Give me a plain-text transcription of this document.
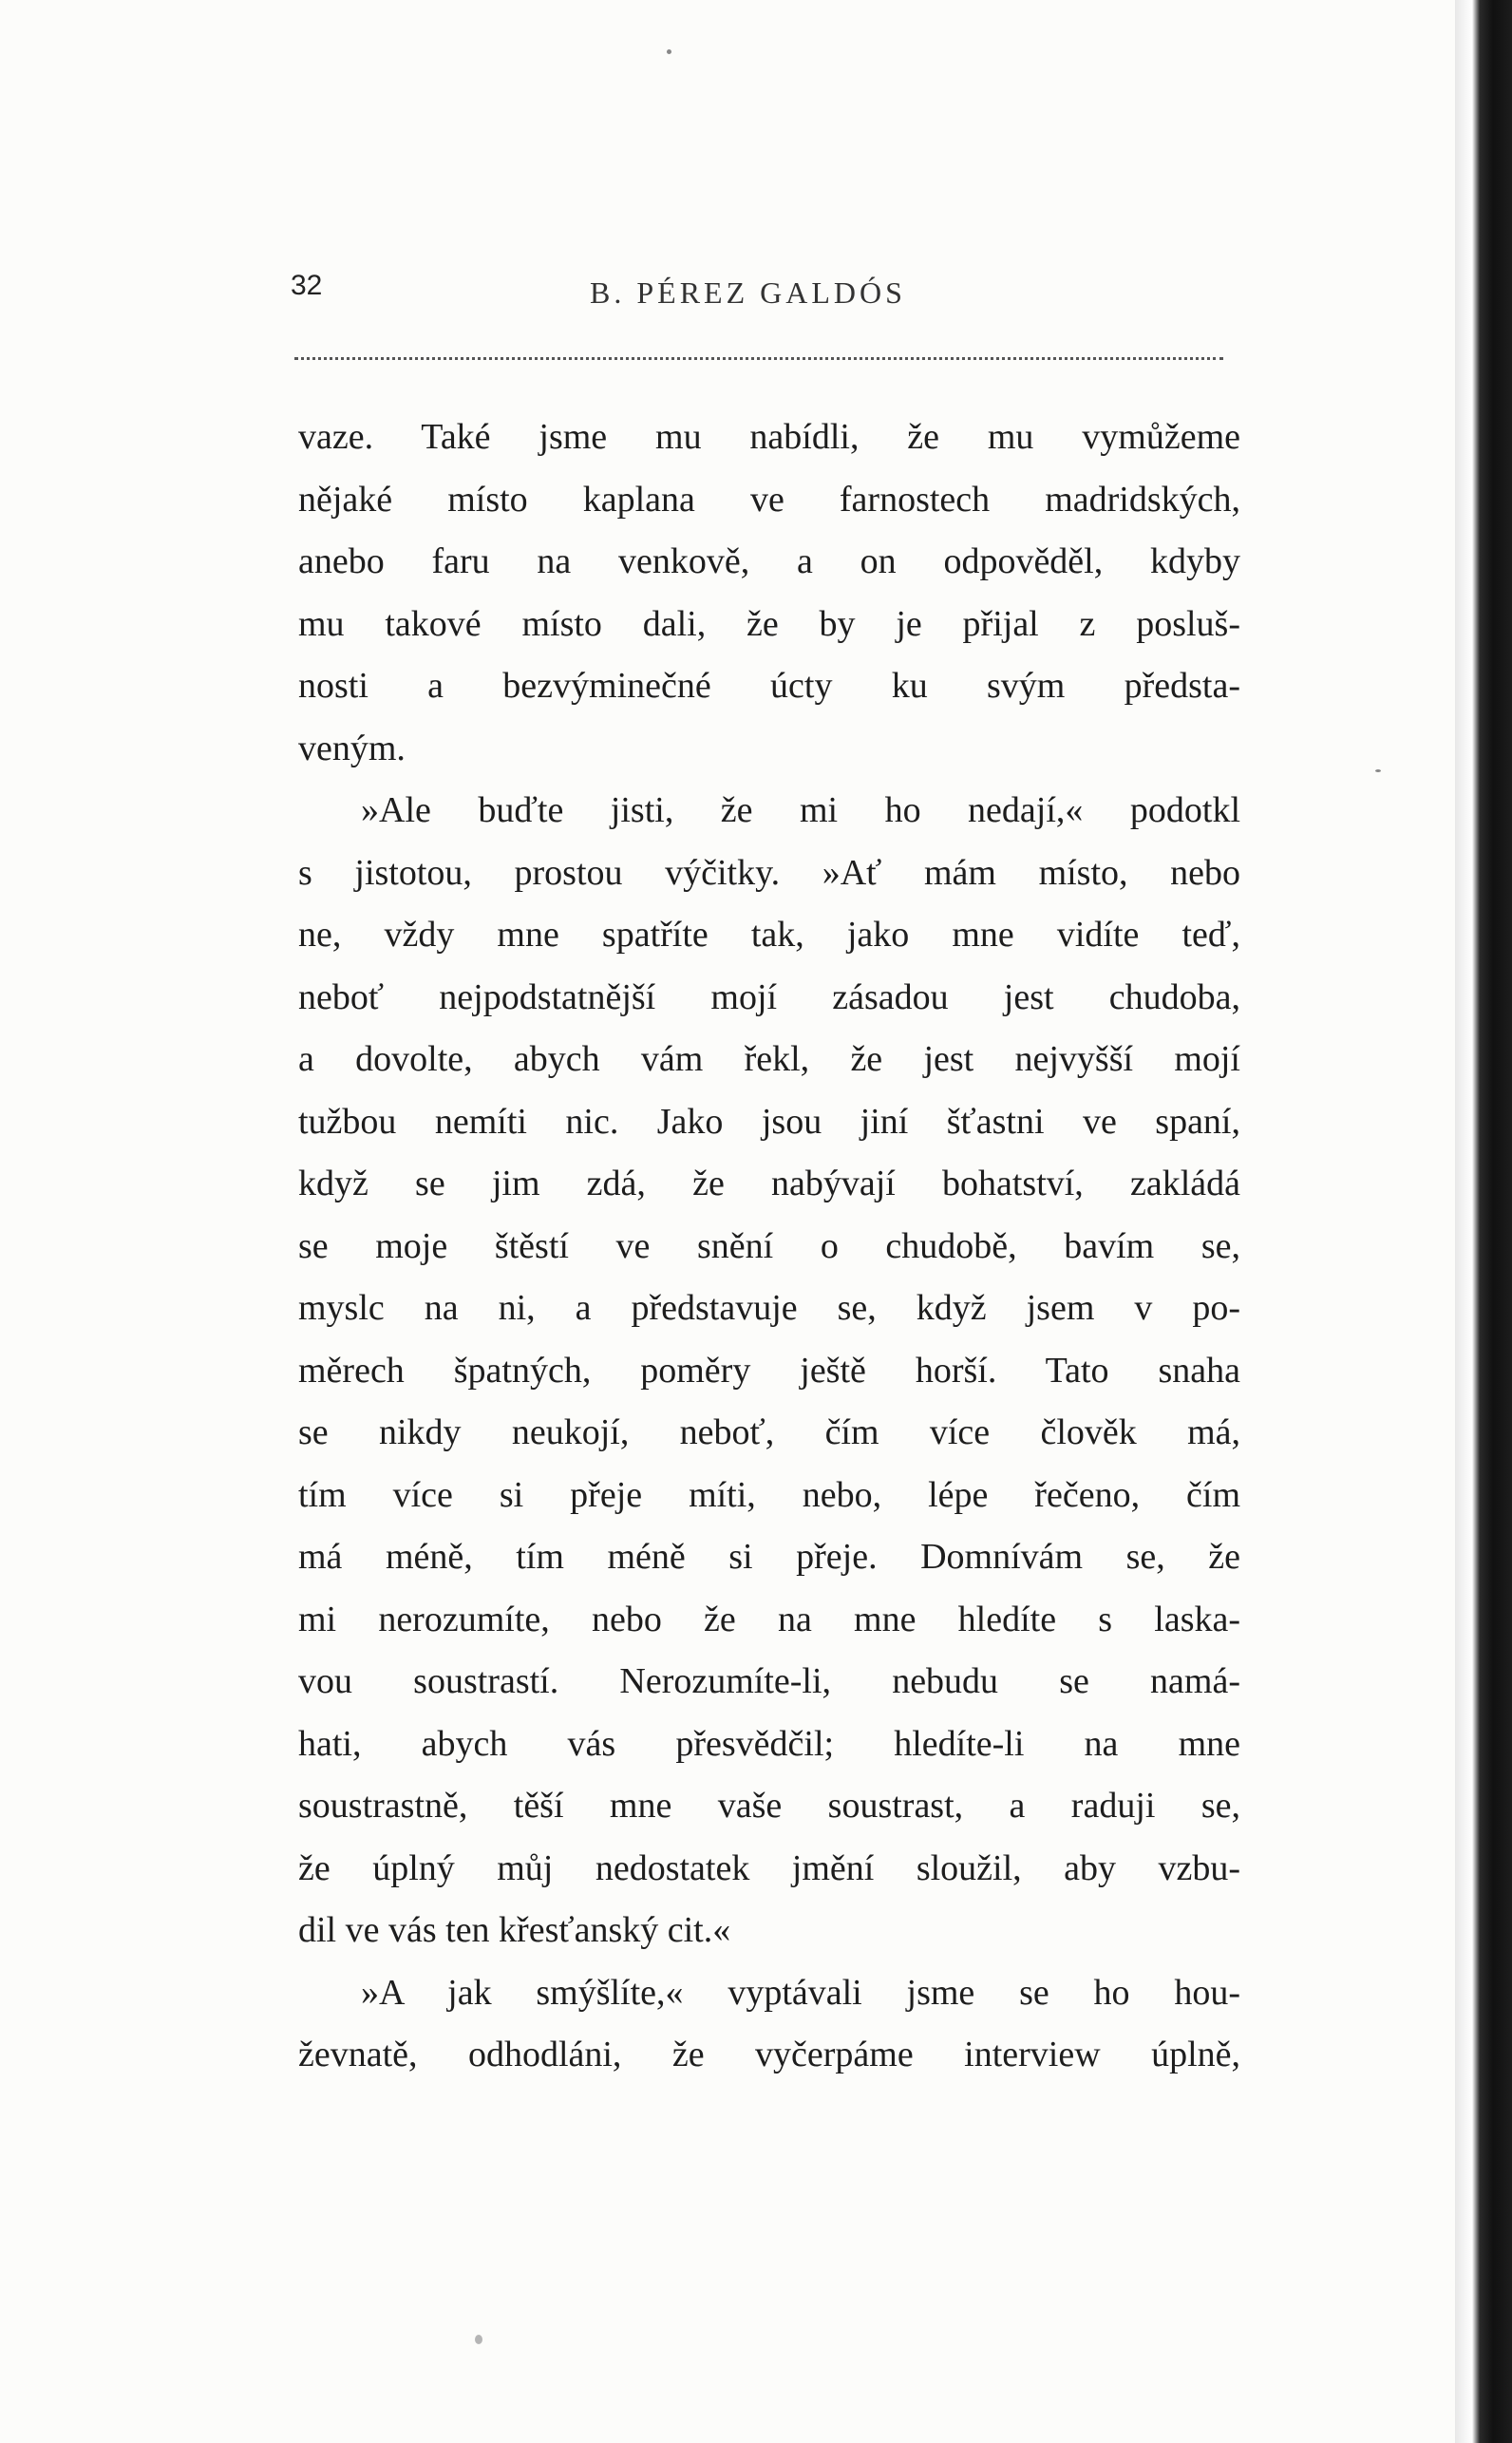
32	B. PÉREZ GALDÓS
vaze. Také jsme mu nabídli, že mu vymůžeme
nějaké místo kaplana ve farnostech madridských,
anebo faru na venkově, a on odpověděl, kdyby
mu takové místo dali, že by je přijal z posluš-
nosti a bezvýminečné úcty ku svým předsta-
veným.
»Ale buďte jisti, že mi ho nedají,« podotkl
s jistotou, prostou výčitky. »Ať mám místo, nebo
ne, vždy mne spatříte tak, jako mne vidíte teď,
neboť nejpodstatnější mojí zásadou jest chudoba,
a dovolte, abych vám řekl, že jest nejvyšší mojí
tužbou nemíti nic. Jako jsou jiní šťastni ve spaní,
když se jim zdá, že nabývají bohatství, zakládá
se moje štěstí ve snění o chudobě, bavím se,
myslc na ni, a představuje se, když jsem v po-
měrech špatných, poměry ještě horší. Tato snaha
se nikdy neukojí, neboť, čím více člověk má,
tím více si přeje míti, nebo, lépe řečeno, čím
má méně, tím méně si přeje. Domnívám se, že
mi nerozumíte, nebo že na mne hledíte s laska-
vou soustrastí. Nerozumíte-li, nebudu se namá-
hati, abych vás přesvědčil; hledíte-li na mne
soustrastně, těší mne vaše soustrast, a raduji se,
že úplný můj nedostatek jmění sloužil, aby vzbu-
dil ve vás ten křesťanský cit.«
»A jak smýšlíte,« vyptávali jsme se ho hou-
ževnatě, odhodláni, že vyčerpáme interview úplně,
